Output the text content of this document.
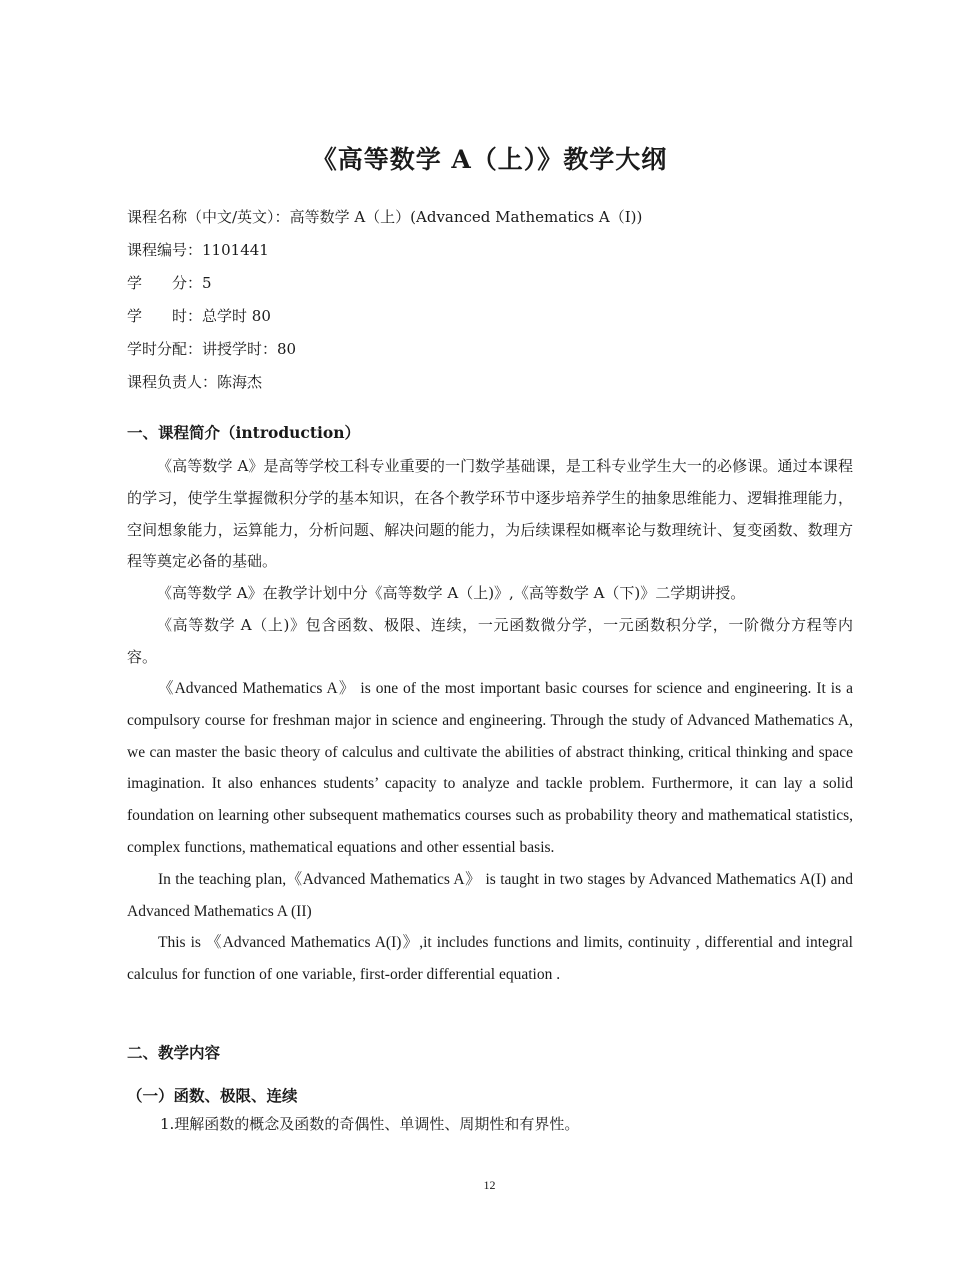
《高等数学 A（上）》教学大纲
课程名称（中文/英文）：高等数学 A（上）(Advanced Mathematics A（Ⅰ))
课程编号：1101441
学　　分：5
学　　时：总学时 80
学时分配：讲授学时：80
课程负责人：陈海杰
一、课程简介（introduction）

《高等数学 A》是高等学校工科专业重要的一门数学基础课，是工科专业学生大一的必修课。通过本课程的学习，使学生掌握微积分学的基本知识，在各个教学环节中逐步培养学生的抽象思维能力、逻辑推理能力，空间想象能力，运算能力，分析问题、解决问题的能力，为后续课程如概率论与数理统计、复变函数、数理方程等奠定必备的基础。

《高等数学 A》在教学计划中分《高等数学 A（上)》,《高等数学 A（下)》二学期讲授。

《高等数学 A（上)》包含函数、极限、连续，一元函数微分学，一元函数积分学，一阶微分方程等内容。

《Advanced Mathematics A》 is one of the most important basic courses for science and engineering. It is a compulsory course for freshman major in science and engineering. Through the study of Advanced Mathematics A, we can master the basic theory of calculus and cultivate the abilities of abstract thinking, critical thinking and space imagination. It also enhances students’ capacity to analyze and tackle problem. Furthermore, it can lay a solid foundation on learning other subsequent mathematics courses such as probability theory and mathematical statistics, complex functions, mathematical equations and other essential basis.

In the teaching plan,《Advanced Mathematics A》 is taught in two stages by Advanced Mathematics A(I) and Advanced Mathematics A (II)

This is 《Advanced Mathematics A(I)》,it includes functions and limits, continuity , differential and integral calculus for function of one variable, first-order differential equation .

二、教学内容
（一）函数、极限、连续
1.理解函数的概念及函数的奇偶性、单调性、周期性和有界性。
12
